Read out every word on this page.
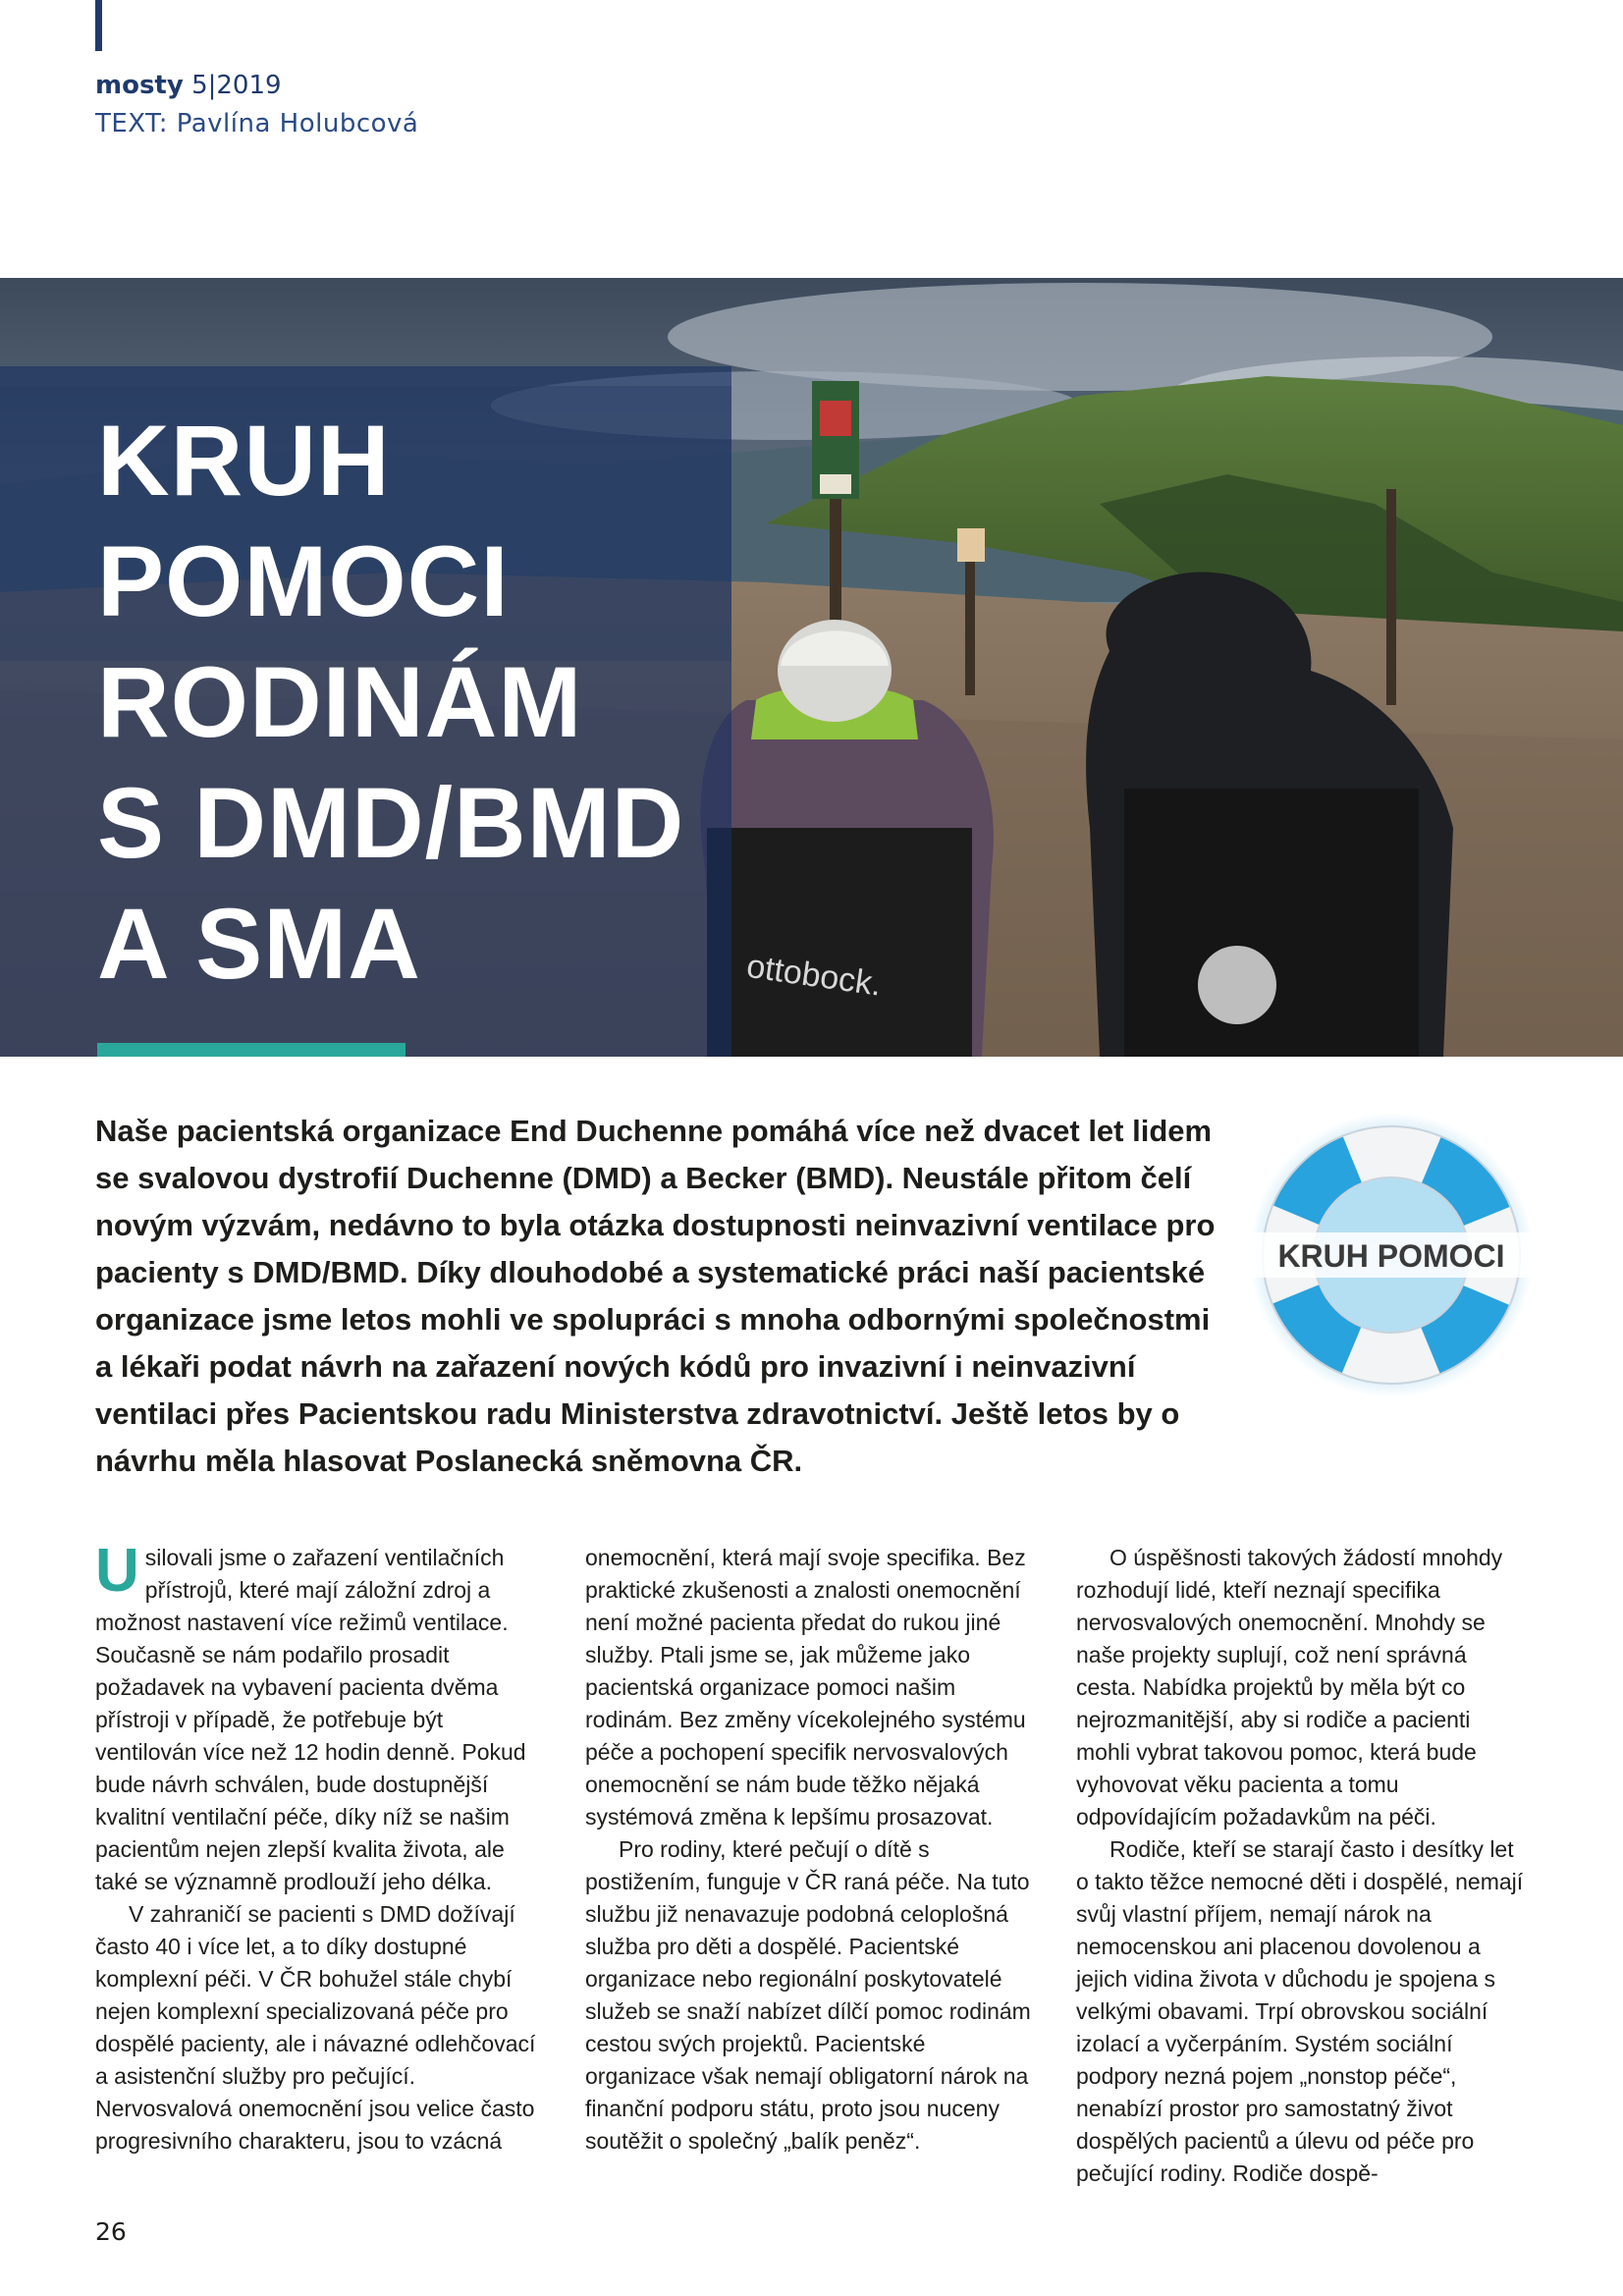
mosty 5|2019
TEXT: Pavlína Holubcová
ottobock.
KRUH
POMOCI
RODINÁM
S DMD/BMD
A SMA

Naše pacientská organizace End Duchenne pomáhá více než dvacet let lidem se svalovou dystrofií Duchenne (DMD) a Becker (BMD). Neustále přitom čelí novým výzvám, nedávno to byla otázka dostupnosti neinvazivní ventilace pro pacienty s DMD/BMD. Díky dlouhodobé a systematické práci naší pacientské organizace jsme letos mohli ve spolupráci s mnoha odbornými společnostmi a lékaři podat návrh na zařazení nových kódů pro invazivní i neinvazivní ventilaci přes Pacientskou radu Ministerstva zdravotnictví. Ještě letos by o návrhu měla hlasovat Poslanecká sněmovna ČR.

KRUH POMOCI

Usilovali jsme o zařazení ventilačních přístrojů, které mají záložní zdroj a možnost nastavení více režimů ventilace. Současně se nám podařilo prosadit požadavek na vybavení pacienta dvěma přístroji v případě, že potřebuje být ventilován více než 12 hodin denně. Pokud bude návrh schválen, bude dostupnější kvalitní ventilační péče, díky níž se našim pacientům nejen zlepší kvalita života, ale také se významně prodlouží jeho délka.

V zahraničí se pacienti s DMD dožívají často 40 i více let, a to díky dostupné komplexní péči. V ČR bohužel stále chybí nejen komplexní specializovaná péče pro dospělé pacienty, ale i návazné odlehčovací a asistenční služby pro pečující. Nervosvalová onemocnění jsou velice často progresivního charakteru, jsou to vzácná

onemocnění, která mají svoje specifika. Bez praktické zkušenosti a znalosti onemocnění není možné pacienta předat do rukou jiné služby. Ptali jsme se, jak můžeme jako pacientská organizace pomoci našim rodinám. Bez změny vícekolejného systému péče a pochopení specifik nervosvalových onemocnění se nám bude těžko nějaká systémová změna k lepšímu prosazovat.

Pro rodiny, které pečují o dítě s postižením, funguje v ČR raná péče. Na tuto službu již nenavazuje podobná celoplošná služba pro děti a dospělé. Pacientské organizace nebo regionální poskytovatelé služeb se snaží nabízet dílčí pomoc rodinám cestou svých projektů. Pacientské organizace však nemají obligatorní nárok na finanční podporu státu, proto jsou nuceny soutěžit o společný „balík peněz“.

O úspěšnosti takových žádostí mnohdy rozhodují lidé, kteří neznají specifika nervosvalových onemocnění. Mnohdy se naše projekty suplují, což není správná cesta. Nabídka projektů by měla být co nejrozmanitější, aby si rodiče a pacienti mohli vybrat takovou pomoc, která bude vyhovovat věku pacienta a tomu odpovídajícím požadavkům na péči.

Rodiče, kteří se starají často i desítky let o takto těžce nemocné děti i dospělé, nemají svůj vlastní příjem, nemají nárok na nemocenskou ani placenou dovolenou a jejich vidina života v důchodu je spojena s velkými obavami. Trpí obrovskou sociální izolací a vyčerpáním. Systém sociální podpory nezná pojem „nonstop péče“, nenabízí prostor pro samostatný život dospělých pacientů a úlevu od péče pro pečující rodiny. Rodiče dospě-

26
